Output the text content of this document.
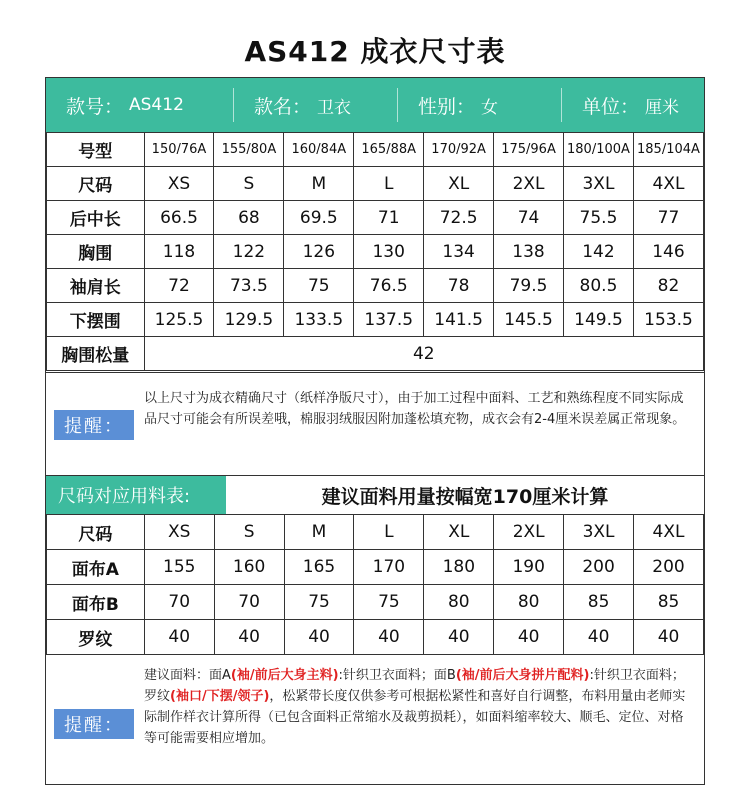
AS412 成衣尺寸表
款号： AS412	款名： 卫衣	性别： 女	单位： 厘米
号型	150/76A	155/80A	160/84A	165/88A	170/92A	175/96A	180/100A	185/104A
尺码	XS	S	M	L	XL	2XL	3XL	4XL
后中长	66.5	68	69.5	71	72.5	74	75.5	77
胸围	118	122	126	130	134	138	142	146
袖肩长	72	73.5	75	76.5	78	79.5	80.5	82
下摆围	125.5	129.5	133.5	137.5	141.5	145.5	149.5	153.5
胸围松量	42							
提醒：
以上尺寸为成衣精确尺寸（纸样净版尺寸），由于加工过程中面料、工艺和熟练程度不同实际成品尺寸可能会有所误差哦，棉服羽绒服因附加蓬松填充物，成衣会有2-4厘米误差属正常现象。
尺码对应用料表:	建议面料用量按幅宽170厘米计算
尺码	XS	S	M	L	XL	2XL	3XL	4XL
面布A	155	160	165	170	180	190	200	200
面布B	70	70	75	75	80	80	85	85
罗纹	40	40	40	40	40	40	40	40
提醒：
建议面料：面A(袖/前后大身主料):针织卫衣面料；面B(袖/前后大身拼片配料):针织卫衣面料；罗纹(袖口/下摆/领子)，松紧带长度仅供参考可根据松紧性和喜好自行调整，布料用量由老师实际制作样衣计算所得（已包含面料正常缩水及裁剪损耗），如面料缩率较大、顺毛、定位、对格等可能需要相应增加。
